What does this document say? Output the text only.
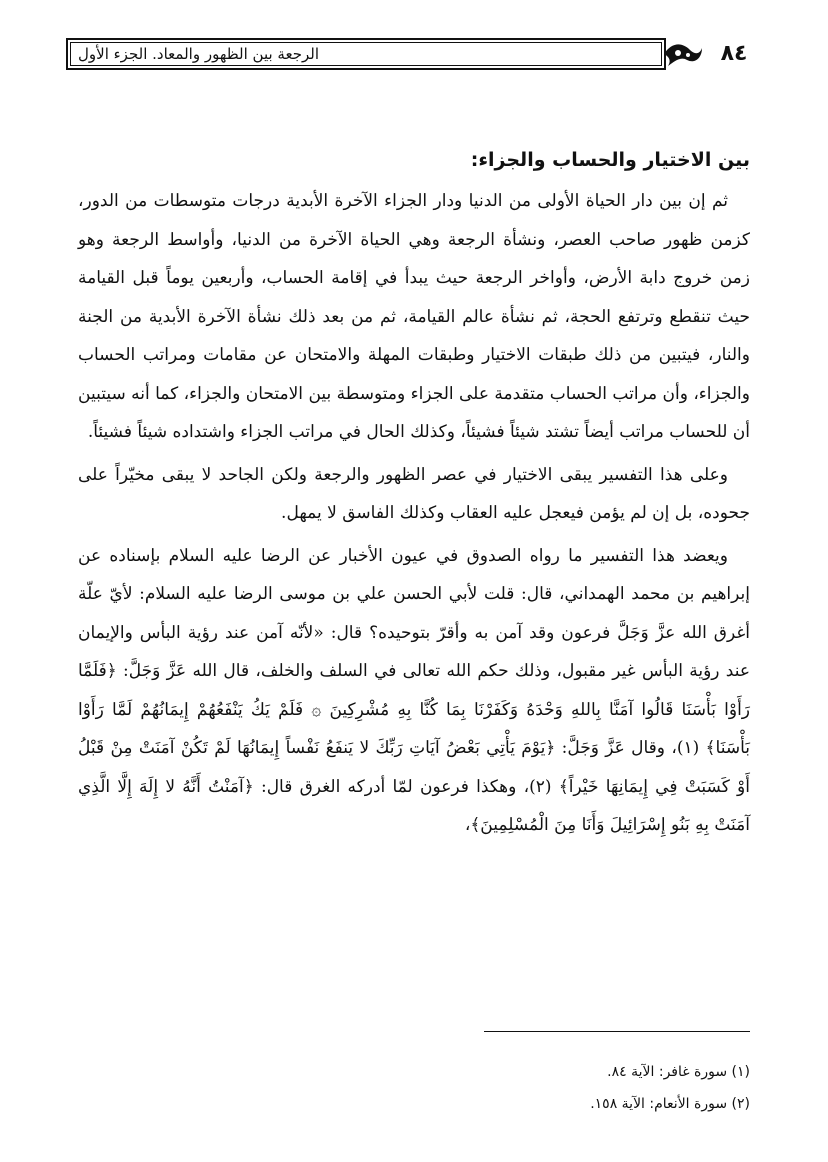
الرجعة بين الظهور والمعاد. الجزء الأول	٨٤
بين الاختيار والحساب والجزاء:

ثم إن بين دار الحياة الأولى من الدنيا ودار الجزاء الآخرة الأبدية درجات متوسطات من الدور، كزمن ظهور صاحب العصر، ونشأة الرجعة وهي الحياة الآخرة من الدنيا، وأواسط الرجعة وهو زمن خروج دابة الأرض، وأواخر الرجعة حيث يبدأ في إقامة الحساب، وأربعين يوماً قبل القيامة حيث تنقطع وترتفع الحجة، ثم نشأة عالم القيامة، ثم من بعد ذلك نشأة الآخرة الأبدية من الجنة والنار، فيتبين من ذلك طبقات الاختيار وطبقات المهلة والامتحان عن مقامات ومراتب الحساب والجزاء، وأن مراتب الحساب متقدمة على الجزاء ومتوسطة بين الامتحان والجزاء، كما أنه سيتبين أن للحساب مراتب أيضاً تشتد شيئاً فشيئاً، وكذلك الحال في مراتب الجزاء واشتداده شيئاً فشيئاً.

وعلى هذا التفسير يبقى الاختيار في عصر الظهور والرجعة ولكن الجاحد لا يبقى مخيّراً على جحوده، بل إن لم يؤمن فيعجل عليه العقاب وكذلك الفاسق لا يمهل.

ويعضد هذا التفسير ما رواه الصدوق في عيون الأخبار عن الرضا عليه السلام بإسناده عن إبراهيم بن محمد الهمداني، قال: قلت لأبي الحسن علي بن موسى الرضا عليه السلام: لأيّ علّة أغرق الله عزَّ وَجَلَّ فرعون وقد آمن به وأقرّ بتوحيده؟ قال: «لأنّه آمن عند رؤية البأس والإيمان عند رؤية البأس غير مقبول، وذلك حكم الله تعالى في السلف والخلف، قال الله عَزَّ وَجَلَّ: ﴿فَلَمَّا رَأَوْا بَأْسَنَا قَالُوا آمَنَّا بِاللهِ وَحْدَهُ وَكَفَرْنَا بِمَا كُنَّا بِهِ مُشْرِكِينَ ۞ فَلَمْ يَكُ يَنْفَعُهُمْ إِيمَانُهُمْ لَمَّا رَأَوْا بَأْسَنَا﴾ (١)، وقال عَزَّ وَجَلَّ: ﴿يَوْمَ يَأْتِي بَعْضُ آيَاتِ رَبِّكَ لا يَنفَعُ نَفْساً إِيمَانُهَا لَمْ تَكُنْ آمَنَتْ مِنْ قَبْلُ أَوْ كَسَبَتْ فِي إِيمَانِهَا خَيْراً﴾ (٢)، وهكذا فرعون لمّا أدركه الغرق قال: ﴿آمَنْتُ أَنَّهُ لا إِلَهَ إِلَّا الَّذِي آمَنَتْ بِهِ بَنُو إِسْرَائِيلَ وَأَنَا مِنَ الْمُسْلِمِينَ﴾،

(١) سورة غافر: الآية ٨٤.

(٢) سورة الأنعام: الآية ١٥٨.
